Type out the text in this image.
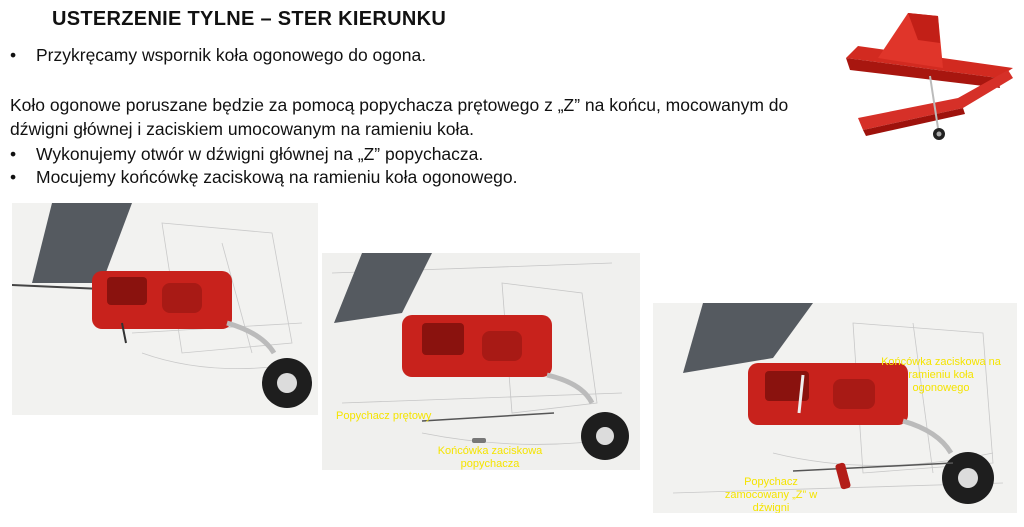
USTERZENIE TYLNE – STER KIERUNKU
• Przykręcamy wspornik koła ogonowego do ogona.
Koło ogonowe poruszane będzie za pomocą popychacza prętowego z „Z” na końcu, mocowanym do dźwigni głównej i zaciskiem umocowanym na ramieniu koła.
• Wykonujemy otwór w dźwigni głównej na „Z” popychacza.
• Mocujemy końcówkę zaciskową na ramieniu koła ogonowego.
Popychacz prętowy
Końcówka zaciskowa popychacza
Końcówka zaciskowa na ramieniu koła ogonowego
Popychacz zamocowany „Z” w dźwigni
